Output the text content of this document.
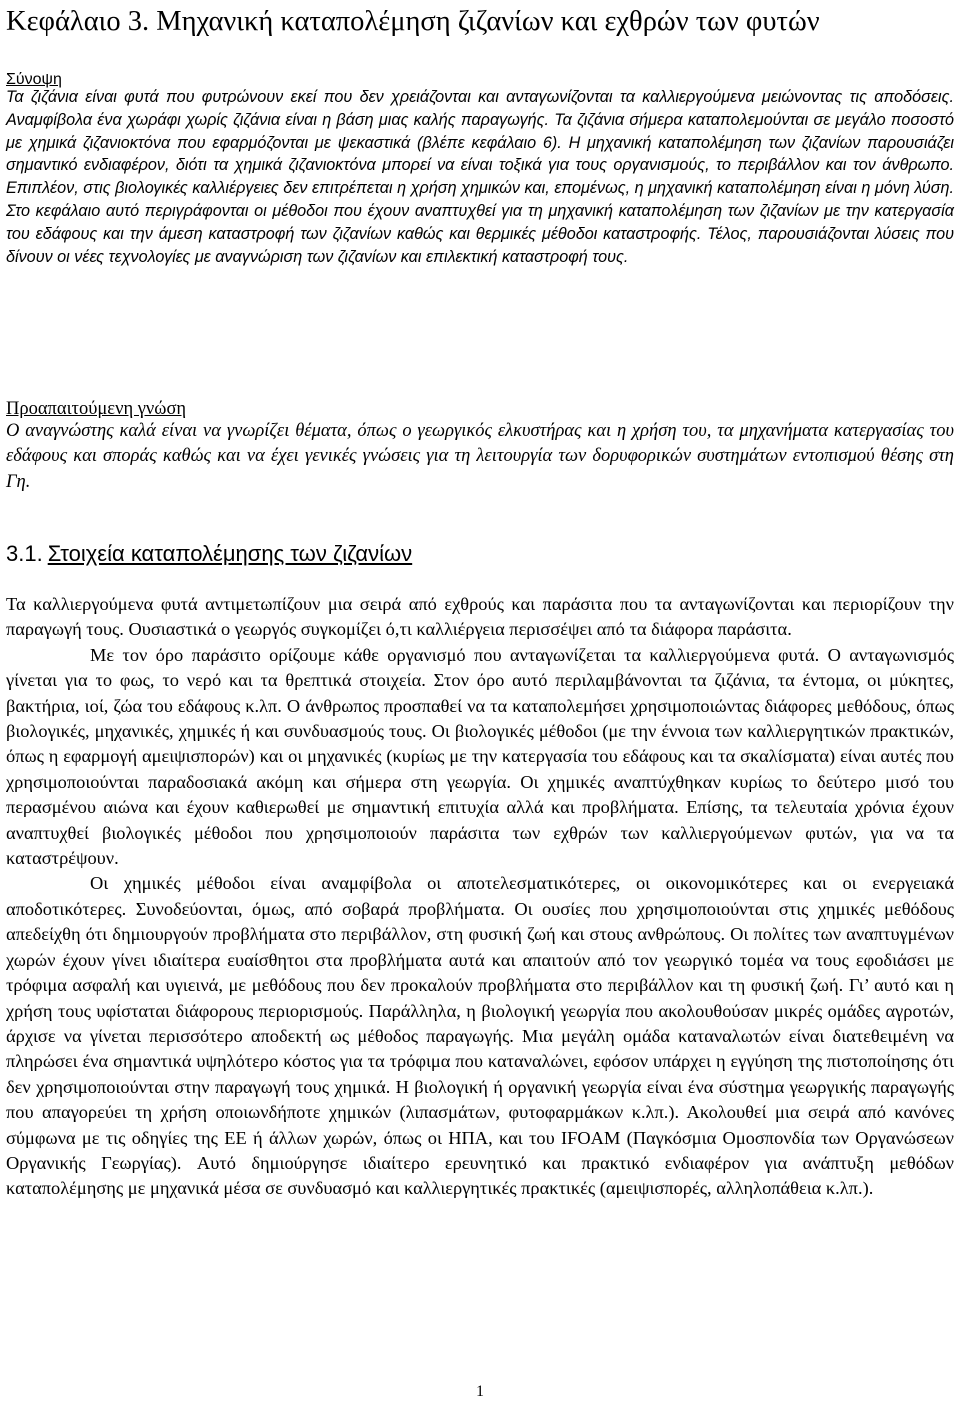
Κεφάλαιο 3. Μηχανική καταπολέμηση ζιζανίων και εχθρών των φυτών
Σύνοψη

Τα ζιζάνια είναι φυτά που φυτρώνουν εκεί που δεν χρειάζονται και ανταγωνίζονται τα καλλιεργούμενα μειώνοντας τις αποδόσεις. Αναμφίβολα ένα χωράφι χωρίς ζιζάνια είναι η βάση μιας καλής παραγωγής. Τα ζιζάνια σήμερα καταπολεμούνται σε μεγάλο ποσοστό με χημικά ζιζανιοκτόνα που εφαρμόζονται με ψεκαστικά (βλέπε κεφάλαιο 6). Η μηχανική καταπολέμηση των ζιζανίων παρουσιάζει σημαντικό ενδιαφέρον, διότι τα χημικά ζιζανιοκτόνα μπορεί να είναι τοξικά για τους οργανισμούς, το περιβάλλον και τον άνθρωπο. Επιπλέον, στις βιολογικές καλλιέργειες δεν επιτρέπεται η χρήση χημικών και, επομένως, η μηχανική καταπολέμηση είναι η μόνη λύση. Στο κεφάλαιο αυτό περιγράφονται οι μέθοδοι που έχουν αναπτυχθεί για τη μηχανική καταπολέμηση των ζιζανίων με την κατεργασία του εδάφους και την άμεση καταστροφή των ζιζανίων καθώς και θερμικές μέθοδοι καταστροφής. Τέλος, παρουσιάζονται λύσεις που δίνουν οι νέες τεχνολογίες με αναγνώριση των ζιζανίων και επιλεκτική καταστροφή τους.

Προαπαιτούμενη γνώση

Ο αναγνώστης καλά είναι να γνωρίζει θέματα, όπως ο γεωργικός ελκυστήρας και η χρήση του, τα μηχανήματα κατεργασίας του εδάφους και σποράς καθώς και να έχει γενικές γνώσεις για τη λειτουργία των δορυφορικών συστημάτων εντοπισμού θέσης στη Γη.

3.1. Στοιχεία καταπολέμησης των ζιζανίων

Τα καλλιεργούμενα φυτά αντιμετωπίζουν μια σειρά από εχθρούς και παράσιτα που τα ανταγωνίζονται και περιορίζουν την παραγωγή τους. Ουσιαστικά ο γεωργός συγκομίζει ό,τι καλλιέργεια περισσέψει από τα διάφορα παράσιτα.

Με τον όρο παράσιτο ορίζουμε κάθε οργανισμό που ανταγωνίζεται τα καλλιεργούμενα φυτά. Ο ανταγωνισμός γίνεται για το φως, το νερό και τα θρεπτικά στοιχεία. Στον όρο αυτό περιλαμβάνονται τα ζιζάνια, τα έντομα, οι μύκητες, βακτήρια, ιοί, ζώα του εδάφους κ.λπ. Ο άνθρωπος προσπαθεί να τα καταπολεμήσει χρησιμοποιώντας διάφορες μεθόδους, όπως βιολογικές, μηχανικές, χημικές ή και συνδυασμούς τους. Οι βιολογικές μέθοδοι (με την έννοια των καλλιεργητικών πρακτικών, όπως η εφαρμογή αμειψισπορών) και οι μηχανικές (κυρίως με την κατεργασία του εδάφους και τα σκαλίσματα) είναι αυτές που χρησιμοποιούνται παραδοσιακά ακόμη και σήμερα στη γεωργία. Οι χημικές αναπτύχθηκαν κυρίως το δεύτερο μισό του περασμένου αιώνα και έχουν καθιερωθεί με σημαντική επιτυχία αλλά και προβλήματα. Επίσης, τα τελευταία χρόνια έχουν αναπτυχθεί βιολογικές μέθοδοι που χρησιμοποιούν παράσιτα των εχθρών των καλλιεργούμενων φυτών, για να τα καταστρέψουν.

Οι χημικές μέθοδοι είναι αναμφίβολα οι αποτελεσματικότερες, οι οικονομικότερες και οι ενεργειακά αποδοτικότερες. Συνοδεύονται, όμως, από σοβαρά προβλήματα. Οι ουσίες που χρησιμοποιούνται στις χημικές μεθόδους απεδείχθη ότι δημιουργούν προβλήματα στο περιβάλλον, στη φυσική ζωή και στους ανθρώπους. Οι πολίτες των αναπτυγμένων χωρών έχουν γίνει ιδιαίτερα ευαίσθητοι στα προβλήματα αυτά και απαιτούν από τον γεωργικό τομέα να τους εφοδιάσει με τρόφιμα ασφαλή και υγιεινά, με μεθόδους που δεν προκαλούν προβλήματα στο περιβάλλον και τη φυσική ζωή. Γι’ αυτό και η χρήση τους υφίσταται διάφορους περιορισμούς. Παράλληλα, η βιολογική γεωργία που ακολουθούσαν μικρές ομάδες αγροτών, άρχισε να γίνεται περισσότερο αποδεκτή ως μέθοδος παραγωγής. Μια μεγάλη ομάδα καταναλωτών είναι διατεθειμένη να πληρώσει ένα σημαντικά υψηλότερο κόστος για τα τρόφιμα που καταναλώνει, εφόσον υπάρχει η εγγύηση της πιστοποίησης ότι δεν χρησιμοποιούνται στην παραγωγή τους χημικά. Η βιολογική ή οργανική γεωργία είναι ένα σύστημα γεωργικής παραγωγής που απαγορεύει τη χρήση οποιωνδήποτε χημικών (λιπασμάτων, φυτοφαρμάκων κ.λπ.). Ακολουθεί μια σειρά από κανόνες σύμφωνα με τις οδηγίες της ΕΕ ή άλλων χωρών, όπως οι ΗΠΑ, και του IFOAM (Παγκόσμια Ομοσπονδία των Οργανώσεων Οργανικής Γεωργίας). Αυτό δημιούργησε ιδιαίτερο ερευνητικό και πρακτικό ενδιαφέρον για ανάπτυξη μεθόδων καταπολέμησης με μηχανικά μέσα σε συνδυασμό και καλλιεργητικές πρακτικές (αμειψισπορές, αλληλοπάθεια κ.λπ.).

1
